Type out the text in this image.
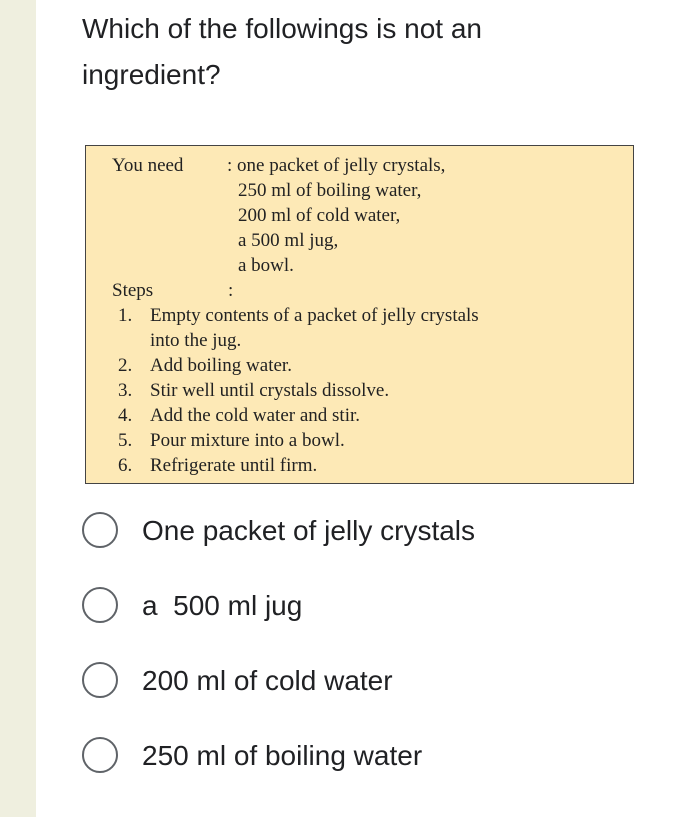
Which of the followings is not an ingredient?
You need : one packet of jelly crystals,
250 ml of boiling water,
200 ml of cold water,
a 500 ml jug,
a bowl.
Steps	:
1. Empty contents of a packet of jelly crystals
into the jug.
2. Add boiling water.
3. Stir well until crystals dissolve.
4. Add the cold water and stir.
5. Pour mixture into a bowl.
6. Refrigerate until firm.
One packet of jelly crystals
a  500 ml jug
200 ml of cold water
250 ml of boiling water
